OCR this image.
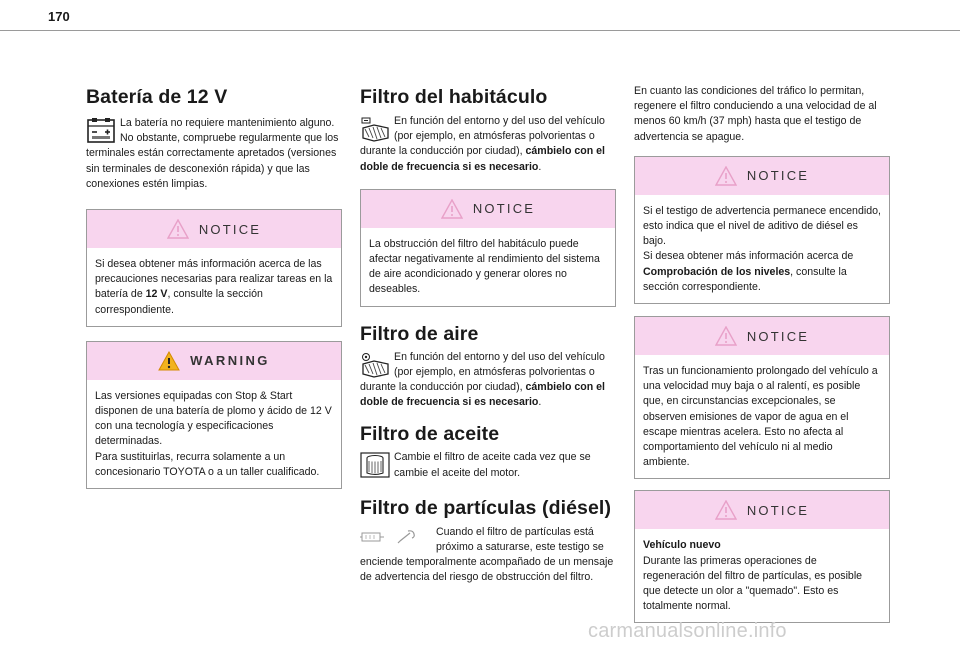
170
Batería de 12 V

La batería no requiere mantenimiento alguno. No obstante, compruebe regularmente que los terminales están correctamente apretados (versiones sin terminales de desconexión rápida) y que las conexiones estén limpias.

NOTICE

Si desea obtener más información acerca de las precauciones necesarias para realizar tareas en la batería de 12 V, consulte la sección correspondiente.

WARNING

Las versiones equipadas con Stop & Start disponen de una batería de plomo y ácido de 12 V con una tecnología y especificaciones determinadas.

Para sustituirlas, recurra solamente a un concesionario TOYOTA o a un taller cualificado.

Filtro del habitáculo

En función del entorno y del uso del vehículo (por ejemplo, en atmósferas polvorientas o durante la conducción por ciudad), cámbielo con el doble de frecuencia si es necesario.

NOTICE

La obstrucción del filtro del habitáculo puede afectar negativamente al rendimiento del sistema de aire acondicionado y generar olores no deseables.

Filtro de aire

En función del entorno y del uso del vehículo (por ejemplo, en atmósferas polvorientas o durante la conducción por ciudad), cámbielo con el doble de frecuencia si es necesario.

Filtro de aceite

Cambie el filtro de aceite cada vez que se cambie el aceite del motor.

Filtro de partículas (diésel)

Cuando el filtro de partículas está próximo a saturarse, este testigo se enciende temporalmente acompañado de un mensaje de advertencia del riesgo de obstrucción del filtro.

En cuanto las condiciones del tráfico lo permitan, regenere el filtro conduciendo a una velocidad de al menos 60 km/h (37 mph) hasta que el testigo de advertencia se apague.

NOTICE

Si el testigo de advertencia permanece encendido, esto indica que el nivel de aditivo de diésel es bajo.

Si desea obtener más información acerca de Comprobación de los niveles, consulte la sección correspondiente.

NOTICE

Tras un funcionamiento prolongado del vehículo a una velocidad muy baja o al ralentí, es posible que, en circunstancias excepcionales, se observen emisiones de vapor de agua en el escape mientras acelera. Esto no afecta al comportamiento del vehículo ni al medio ambiente.

NOTICE

Vehículo nuevo

Durante las primeras operaciones de regeneración del filtro de partículas, es posible que detecte un olor a "quemado". Esto es totalmente normal.

carmanualsonline.info
